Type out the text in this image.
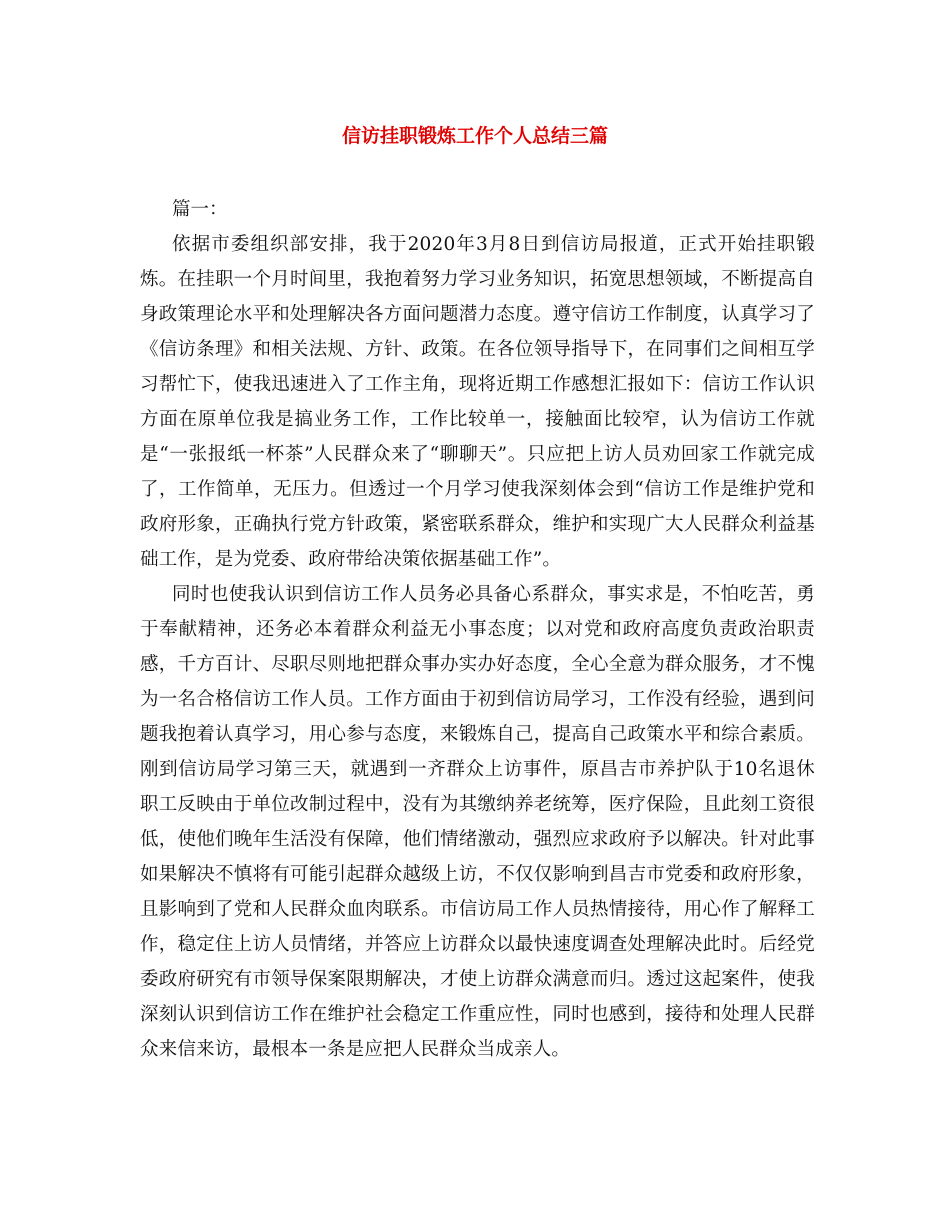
信访挂职锻炼工作个人总结三篇

篇一：

依据市委组织部安排，我于2020年3月8日到信访局报道，正式开始挂职锻炼。在挂职一个月时间里，我抱着努力学习业务知识，拓宽思想领域，不断提高自身政策理论水平和处理解决各方面问题潜力态度。遵守信访工作制度，认真学习了《信访条理》和相关法规、方针、政策。在各位领导指导下，在同事们之间相互学习帮忙下，使我迅速进入了工作主角，现将近期工作感想汇报如下：信访工作认识方面在原单位我是搞业务工作，工作比较单一，接触面比较窄，认为信访工作就是“一张报纸一杯茶”人民群众来了“聊聊天”。只应把上访人员劝回家工作就完成了，工作简单，无压力。但透过一个月学习使我深刻体会到“信访工作是维护党和政府形象，正确执行党方针政策，紧密联系群众，维护和实现广大人民群众利益基础工作，是为党委、政府带给决策依据基础工作”。

同时也使我认识到信访工作人员务必具备心系群众，事实求是，不怕吃苦，勇于奉献精神，还务必本着群众利益无小事态度；以对党和政府高度负责政治职责感，千方百计、尽职尽则地把群众事办实办好态度，全心全意为群众服务，才不愧为一名合格信访工作人员。工作方面由于初到信访局学习，工作没有经验，遇到问题我抱着认真学习，用心参与态度，来锻炼自己，提高自己政策水平和综合素质。刚到信访局学习第三天，就遇到一齐群众上访事件，原昌吉市养护队于10名退休职工反映由于单位改制过程中，没有为其缴纳养老统筹，医疗保险，且此刻工资很低，使他们晚年生活没有保障，他们情绪激动，强烈应求政府予以解决。针对此事如果解决不慎将有可能引起群众越级上访，不仅仅影响到昌吉市党委和政府形象，且影响到了党和人民群众血肉联系。市信访局工作人员热情接待，用心作了解释工作，稳定住上访人员情绪，并答应上访群众以最快速度调查处理解决此时。后经党委政府研究有市领导保案限期解决，才使上访群众满意而归。透过这起案件，使我深刻认识到信访工作在维护社会稳定工作重应性，同时也感到，接待和处理人民群众来信来访，最根本一条是应把人民群众当成亲人。
